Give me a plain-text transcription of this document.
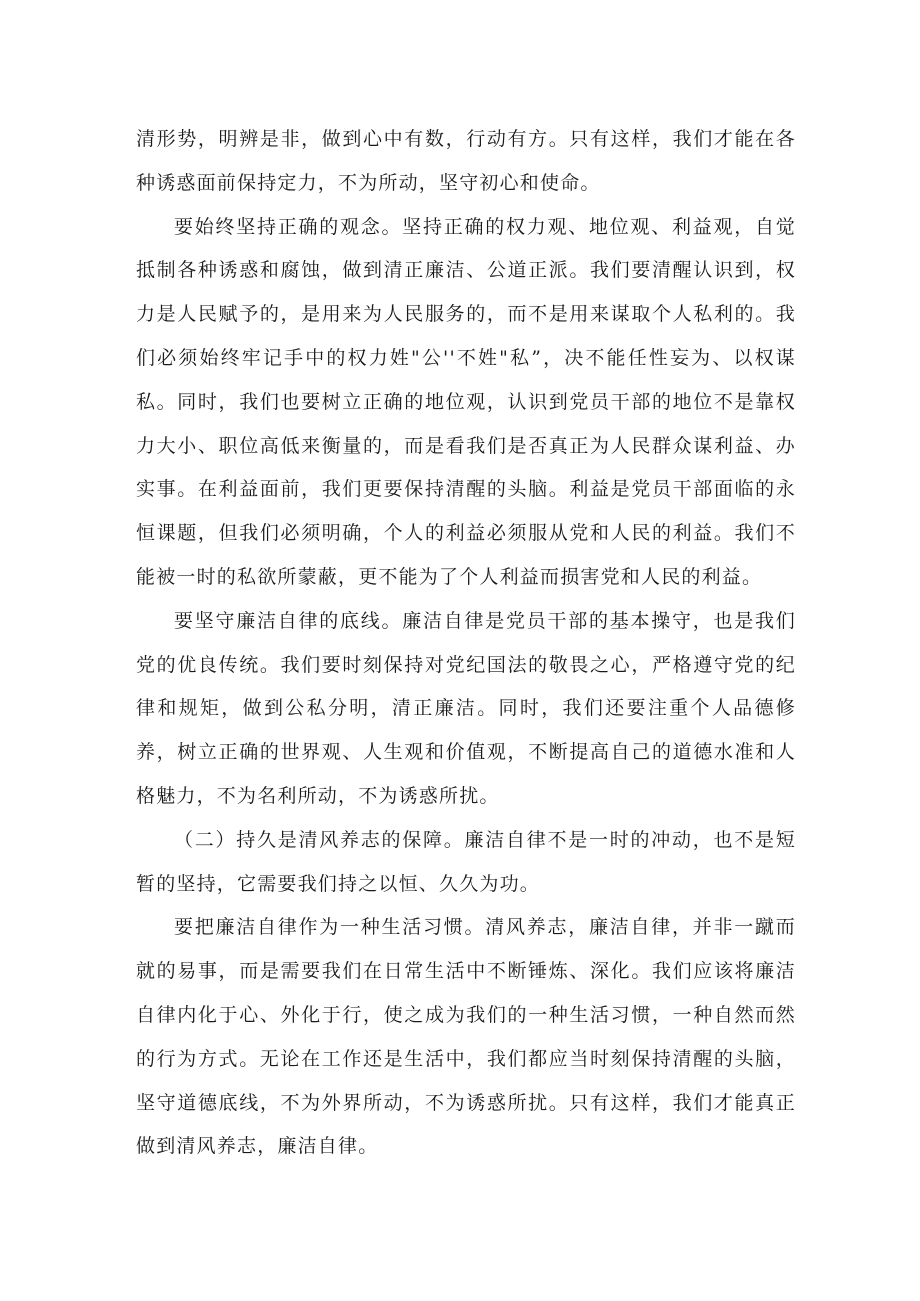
清形势，明辨是非，做到心中有数，行动有方。只有这样，我们才能在各种诱惑面前保持定力，不为所动，坚守初心和使命。

要始终坚持正确的观念。坚持正确的权力观、地位观、利益观，自觉抵制各种诱惑和腐蚀，做到清正廉洁、公道正派。我们要清醒认识到，权力是人民赋予的，是用来为人民服务的，而不是用来谋取个人私利的。我们必须始终牢记手中的权力姓"公''不姓"私”，决不能任性妄为、以权谋私。同时，我们也要树立正确的地位观，认识到党员干部的地位不是靠权力大小、职位高低来衡量的，而是看我们是否真正为人民群众谋利益、办实事。在利益面前，我们更要保持清醒的头脑。利益是党员干部面临的永恒课题，但我们必须明确，个人的利益必须服从党和人民的利益。我们不能被一时的私欲所蒙蔽，更不能为了个人利益而损害党和人民的利益。

要坚守廉洁自律的底线。廉洁自律是党员干部的基本操守，也是我们党的优良传统。我们要时刻保持对党纪国法的敬畏之心，严格遵守党的纪律和规矩，做到公私分明，清正廉洁。同时，我们还要注重个人品德修养，树立正确的世界观、人生观和价值观，不断提高自己的道德水准和人格魅力，不为名利所动，不为诱惑所扰。

（二）持久是清风养志的保障。廉洁自律不是一时的冲动，也不是短暂的坚持，它需要我们持之以恒、久久为功。

要把廉洁自律作为一种生活习惯。清风养志，廉洁自律，并非一蹴而就的易事，而是需要我们在日常生活中不断锤炼、深化。我们应该将廉洁自律内化于心、外化于行，使之成为我们的一种生活习惯，一种自然而然的行为方式。无论在工作还是生活中，我们都应当时刻保持清醒的头脑，坚守道德底线，不为外界所动，不为诱惑所扰。只有这样，我们才能真正做到清风养志，廉洁自律。
